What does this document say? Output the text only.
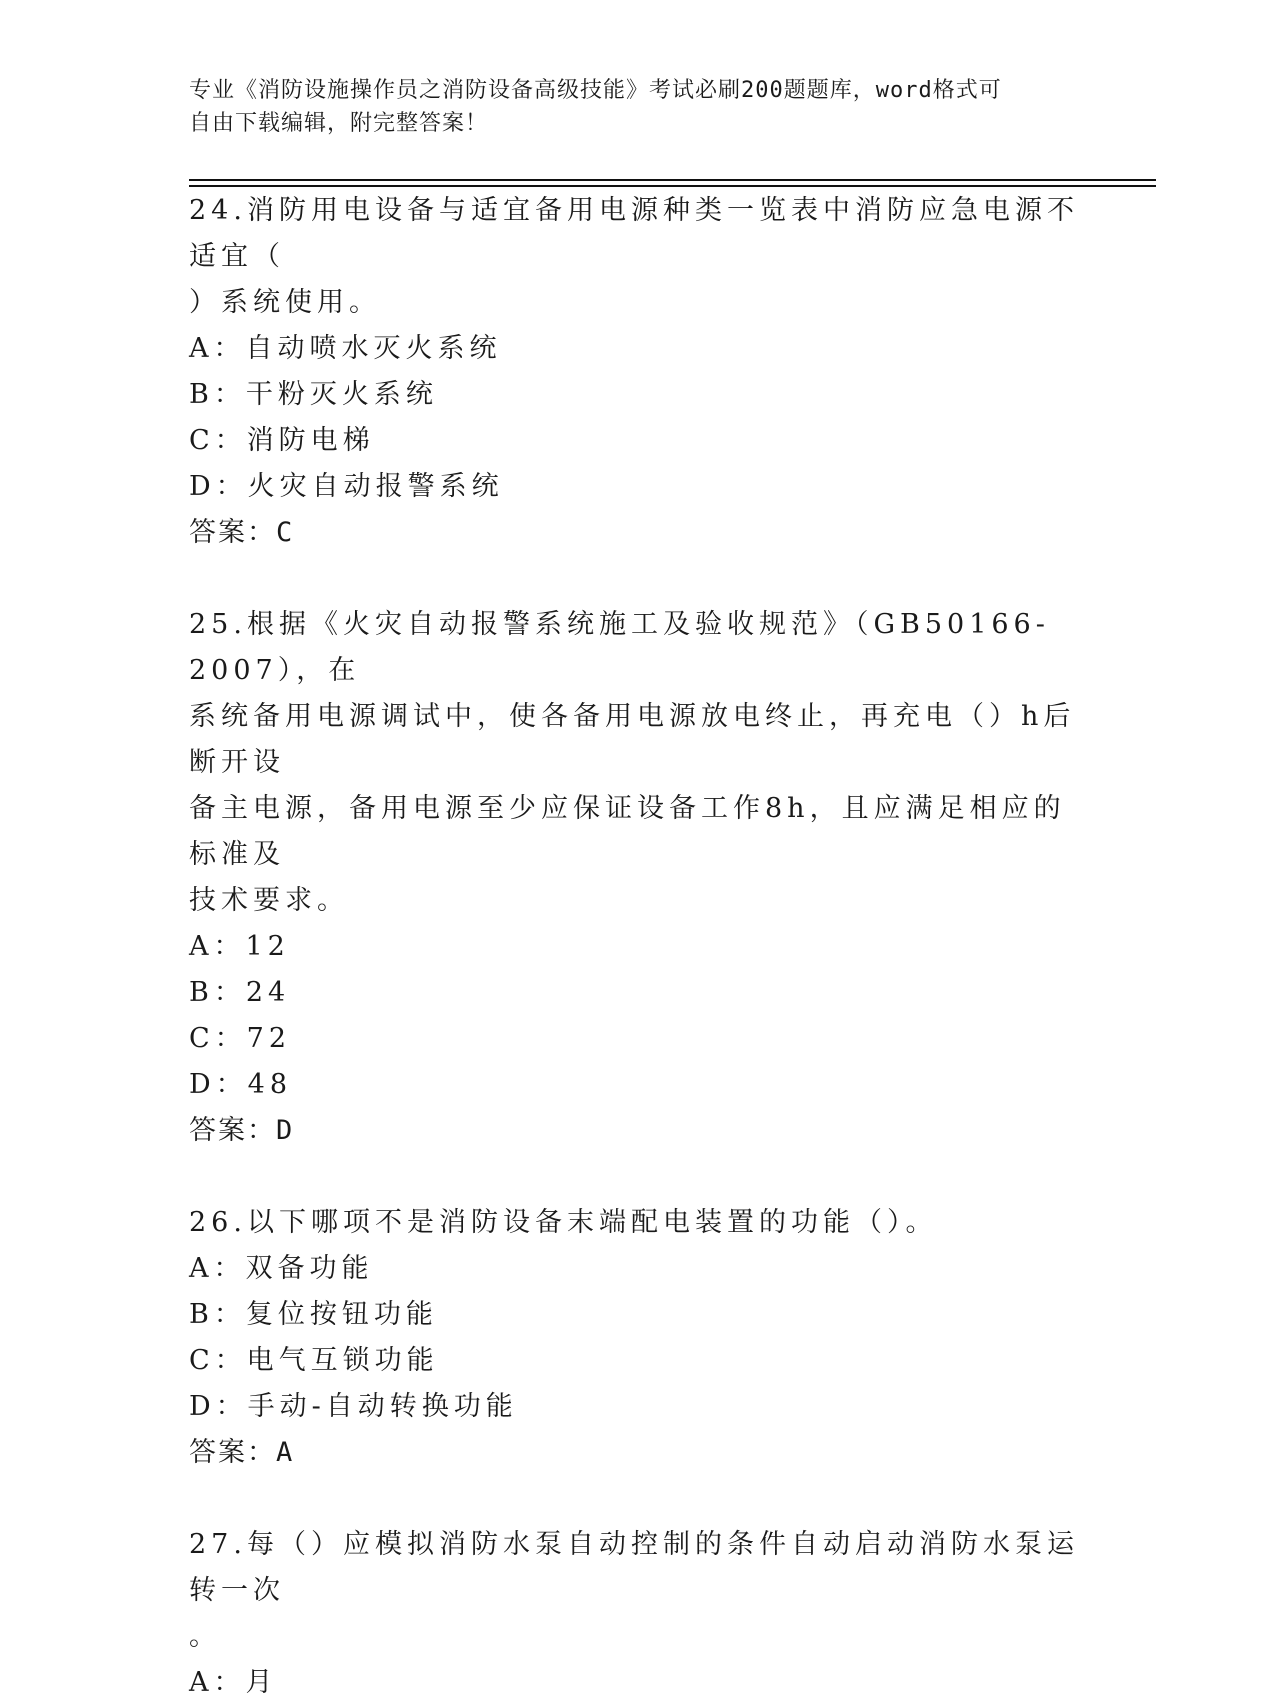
专业《消防设施操作员之消防设备高级技能》考试必刷200题题库，word格式可
自由下载编辑，附完整答案！
24.消防用电设备与适宜备用电源种类一览表中消防应急电源不适宜（
）系统使用。
A：自动喷水灭火系统
B：干粉灭火系统
C：消防电梯
D：火灾自动报警系统
答案：C
25.根据《火灾自动报警系统施工及验收规范》（GB50166-2007），在
系统备用电源调试中，使各备用电源放电终止，再充电（）h后断开设
备主电源，备用电源至少应保证设备工作8h，且应满足相应的标准及
技术要求。
A：12
B：24
C：72
D：48
答案：D
26.以下哪项不是消防设备末端配电装置的功能（）。
A：双备功能
B：复位按钮功能
C：电气互锁功能
D：手动-自动转换功能
答案：A
27.每（）应模拟消防水泵自动控制的条件自动启动消防水泵运转一次
。
A：月
